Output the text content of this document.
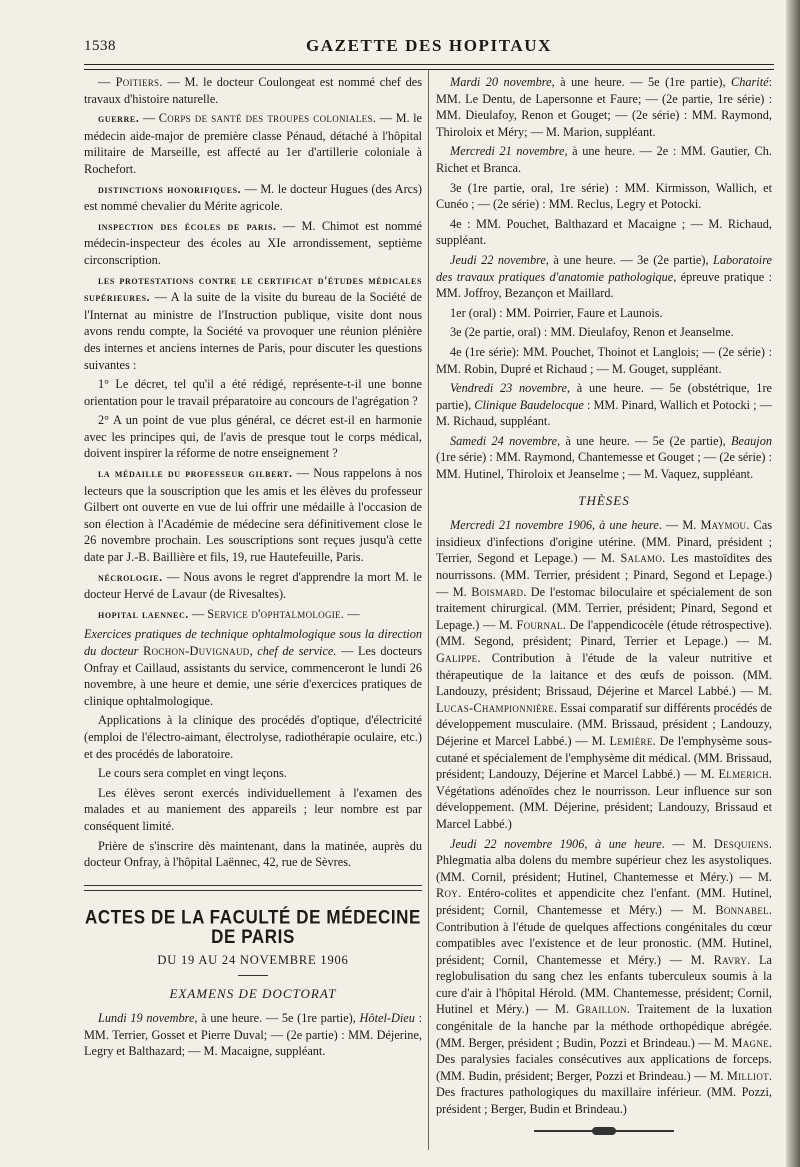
1538	GAZETTE DES HOPITAUX

— Poitiers. — M. le docteur Coulongeat est nommé chef des travaux d'histoire naturelle.

guerre. — Corps de santé des troupes coloniales. — M. le médecin aide-major de première classe Pénaud, détaché à l'hôpital militaire de Marseille, est affecté au 1er d'artillerie coloniale à Rochefort.

distinctions honorifiques. — M. le docteur Hugues (des Arcs) est nommé chevalier du Mérite agricole.

inspection des écoles de paris. — M. Chimot est nommé médecin-inspecteur des écoles au XIe arrondissement, septième circonscription.

les protestations contre le certificat d'études médicales supérieures. — A la suite de la visite du bureau de la Société de l'Internat au ministre de l'Instruction publique, visite dont nous avons rendu compte, la Société va provoquer une réunion plénière des internes et anciens internes de Paris, pour discuter les questions suivantes :

1° Le décret, tel qu'il a été rédigé, représente-t-il une bonne orientation pour le travail préparatoire au concours de l'agrégation ?

2° A un point de vue plus général, ce décret est-il en harmonie avec les principes qui, de l'avis de presque tout le corps médical, doivent inspirer la réforme de notre enseignement ?

la médaille du professeur gilbert. — Nous rappelons à nos lecteurs que la souscription que les amis et les élèves du professeur Gilbert ont ouverte en vue de lui offrir une médaille à l'occasion de son élection à l'Académie de médecine sera définitivement close le 26 novembre prochain. Les souscriptions sont reçues jusqu'à cette date par J.-B. Baillière et fils, 19, rue Hautefeuille, Paris.

nécrologie. — Nous avons le regret d'apprendre la mort M. le docteur Hervé de Lavaur (de Rivesaltes).

hopital laennec. — Service d'ophtalmologie. —

Exercices pratiques de technique ophtalmologique sous la direction du docteur Rochon-Duvignaud, chef de service. — Les docteurs Onfray et Caillaud, assistants du service, commenceront le lundi 26 novembre, à une heure et demie, une série d'exercices pratiques de clinique ophtalmologique.

Applications à la clinique des procédés d'optique, d'électricité (emploi de l'électro-aimant, électrolyse, radiothérapie oculaire, etc.) et des procédés de laboratoire.

Le cours sera complet en vingt leçons.

Les élèves seront exercés individuellement à l'examen des malades et au maniement des appareils ; leur nombre est par conséquent limité.

Prière de s'inscrire dès maintenant, dans la matinée, auprès du docteur Onfray, à l'hôpital Laënnec, 42, rue de Sèvres.

ACTES DE LA FACULTÉ DE MÉDECINE DE PARIS
DU 19 AU 24 NOVEMBRE 1906
EXAMENS DE DOCTORAT

Lundi 19 novembre, à une heure. — 5e (1re partie), Hôtel-Dieu : MM. Terrier, Gosset et Pierre Duval; — (2e partie) : MM. Déjerine, Legry et Balthazard; — M. Macaigne, suppléant.

Mardi 20 novembre, à une heure. — 5e (1re partie), Charité: MM. Le Dentu, de Lapersonne et Faure; — (2e partie, 1re série) : MM. Dieulafoy, Renon et Gouget; — (2e série) : MM. Raymond, Thiroloix et Méry; — M. Marion, suppléant.

Mercredi 21 novembre, à une heure. — 2e : MM. Gautier, Ch. Richet et Branca.

3e (1re partie, oral, 1re série) : MM. Kirmisson, Wallich, et Cunéo ; — (2e série) : MM. Reclus, Legry et Potocki.

4e : MM. Pouchet, Balthazard et Macaigne ; — M. Richaud, suppléant.

Jeudi 22 novembre, à une heure. — 3e (2e partie), Laboratoire des travaux pratiques d'anatomie pathologique, épreuve pratique : MM. Joffroy, Bezançon et Maillard.

1er (oral) : MM. Poirrier, Faure et Launois.

3e (2e partie, oral) : MM. Dieulafoy, Renon et Jeanselme.

4e (1re série): MM. Pouchet, Thoinot et Langlois; — (2e série) : MM. Robin, Dupré et Richaud ; — M. Gouget, suppléant.

Vendredi 23 novembre, à une heure. — 5e (obstétrique, 1re partie), Clinique Baudelocque : MM. Pinard, Wallich et Potocki ; — M. Richaud, suppléant.

Samedi 24 novembre, à une heure. — 5e (2e partie), Beaujon (1re série) : MM. Raymond, Chantemesse et Gouget ; — (2e série) : MM. Hutinel, Thiroloix et Jeanselme ; — M. Vaquez, suppléant.

THÈSES

Mercredi 21 novembre 1906, à une heure. — M. Maymou. Cas insidieux d'infections d'origine utérine. (MM. Pinard, président ; Terrier, Segond et Lepage.) — M. Salamo. Les mastoïdites des nourrissons. (MM. Terrier, président ; Pinard, Segond et Lepage.) — M. Boismard. De l'estomac biloculaire et spécialement de son traitement chirurgical. (MM. Terrier, président; Pinard, Segond et Lepage.) — M. Fournal. De l'appendicocèle (étude rétrospective). (MM. Segond, président; Pinard, Terrier et Lepage.) — M. Galippe. Contribution à l'étude de la valeur nutritive et thérapeutique de la laitance et des œufs de poisson. (MM. Landouzy, président; Brissaud, Déjerine et Marcel Labbé.) — M. Lucas-Championnière. Essai comparatif sur différents procédés de développement musculaire. (MM. Brissaud, président ; Landouzy, Déjerine et Marcel Labbé.) — M. Lemière. De l'emphysème sous-cutané et spécialement de l'emphysème dit médical. (MM. Brissaud, président; Landouzy, Déjerine et Marcel Labbé.) — M. Elmerich. Végétations adénoïdes chez le nourrisson. Leur influence sur son développement. (MM. Déjerine, président; Landouzy, Brissaud et Marcel Labbé.)

Jeudi 22 novembre 1906, à une heure. — M. Desquiens. Phlegmatia alba dolens du membre supérieur chez les asystoliques. (MM. Cornil, président; Hutinel, Chantemesse et Méry.) — M. Roy. Entéro-colites et appendicite chez l'enfant. (MM. Hutinel, président; Cornil, Chantemesse et Méry.) — M. Bonnabel. Contribution à l'étude de quelques affections congénitales du cœur compatibles avec l'existence et de leur pronostic. (MM. Hutinel, président; Cornil, Chantemesse et Méry.) — M. Ravry. La reglobulisation du sang chez les enfants tuberculeux soumis à la cure d'air à l'hôpital Hérold. (MM. Chantemesse, président; Cornil, Hutinel et Méry.) — M. Graillon. Traitement de la luxation congénitale de la hanche par la méthode orthopédique abrégée. (MM. Berger, président ; Budin, Pozzi et Brindeau.) — M. Magne. Des paralysies faciales consécutives aux applications de forceps. (MM. Budin, président; Berger, Pozzi et Brindeau.) — M. Milliot. Des fractures pathologiques du maxillaire inférieur. (MM. Pozzi, président ; Berger, Budin et Brindeau.)
